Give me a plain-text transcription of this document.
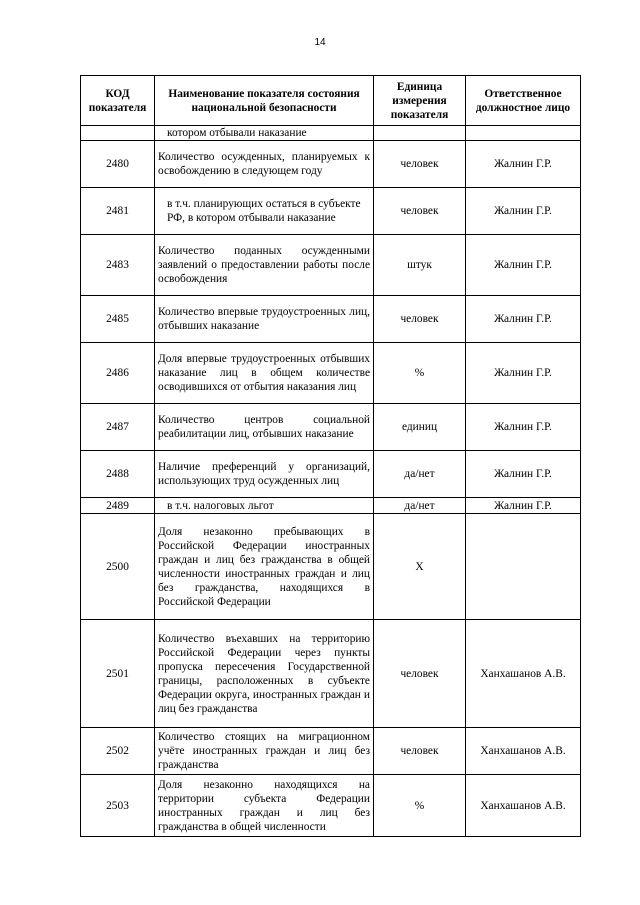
14
КОД показателя	Наименование показателя состояния национальной безопасности	Единица измерения показателя	Ответственное должностное лицо
	котором отбывали наказание		
2480	Количество осужденных, планируемых к освобождению в следующем году	человек	Жалнин Г.Р.
2481	в т.ч. планирующих остаться в субъекте РФ, в котором отбывали наказание	человек	Жалнин Г.Р.
2483	Количество поданных осужденными заявлений о предоставлении работы после освобождения	штук	Жалнин Г.Р.
2485	Количество впервые трудоустроенных лиц, отбывших наказание	человек	Жалнин Г.Р.
2486	Доля впервые трудоустроенных отбывших наказание лиц в общем количестве осводившихся от отбытия наказания лиц	%	Жалнин Г.Р.
2487	Количество центров социальной реабилитации лиц, отбывших наказание	единиц	Жалнин Г.Р.
2488	Наличие преференций у организаций, использующих труд осужденных лиц	да/нет	Жалнин Г.Р.
2489	в т.ч. налоговых льгот	да/нет	Жалнин Г.Р.
2500	Доля незаконно пребывающих в Российской Федерации иностранных граждан и лиц без гражданства в общей численности иностранных граждан и лиц без гражданства, находящихся в Российской Федерации	Х	
2501	Количество въехавших на территорию Российской Федерации через пункты пропуска пересечения Государственной границы, расположенных в субъекте Федерации округа, иностранных граждан и лиц без гражданства	человек	Ханхашанов А.В.
2502	Количество стоящих на миграционном учёте иностранных граждан и лиц без гражданства	человек	Ханхашанов А.В.
2503	Доля незаконно находящихся на территории субъекта Федерации иностранных граждан и лиц без гражданства в общей численности	%	Ханхашанов А.В.
